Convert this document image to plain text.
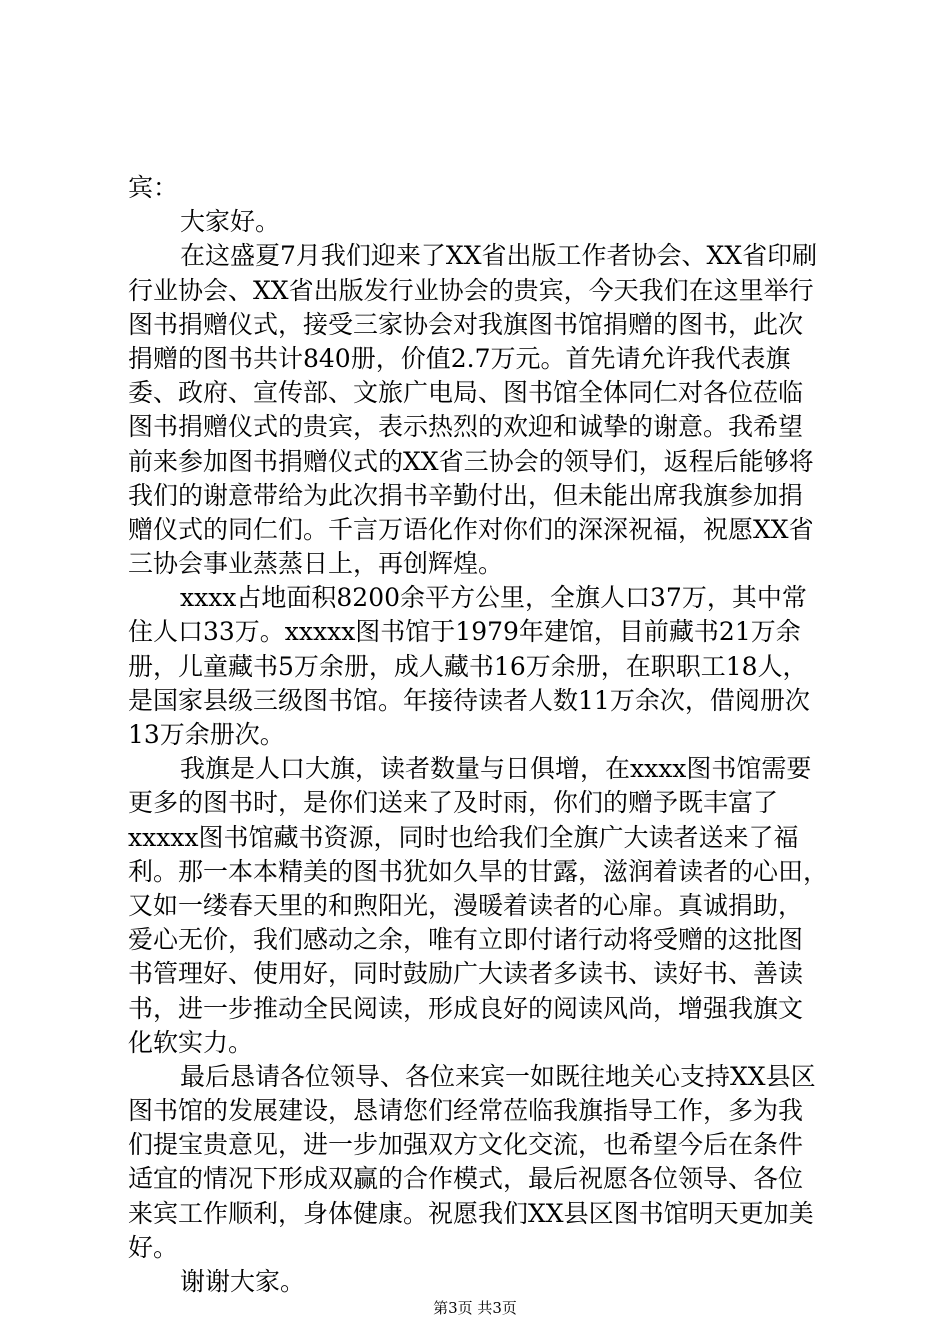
宾：
大家好。
在这盛夏7月我们迎来了XX省出版工作者协会、XX省印刷
行业协会、XX省出版发行业协会的贵宾，今天我们在这里举行
图书捐赠仪式，接受三家协会对我旗图书馆捐赠的图书，此次
捐赠的图书共计840册，价值2.7万元。首先请允许我代表旗
委、政府、宣传部、文旅广电局、图书馆全体同仁对各位莅临
图书捐赠仪式的贵宾，表示热烈的欢迎和诚挚的谢意。我希望
前来参加图书捐赠仪式的XX省三协会的领导们，返程后能够将
我们的谢意带给为此次捐书辛勤付出，但未能出席我旗参加捐
赠仪式的同仁们。千言万语化作对你们的深深祝福，祝愿XX省
三协会事业蒸蒸日上，再创辉煌。
xxxx占地面积8200余平方公里，全旗人口37万，其中常
住人口33万。xxxxx图书馆于1979年建馆，目前藏书21万余
册，儿童藏书5万余册，成人藏书16万余册，在职职工18人，
是国家县级三级图书馆。年接待读者人数11万余次，借阅册次
13万余册次。
我旗是人口大旗，读者数量与日俱增，在xxxx图书馆需要
更多的图书时，是你们送来了及时雨，你们的赠予既丰富了
xxxxx图书馆藏书资源，同时也给我们全旗广大读者送来了福
利。那一本本精美的图书犹如久旱的甘露，滋润着读者的心田，
又如一缕春天里的和煦阳光，漫暖着读者的心扉。真诚捐助，
爱心无价，我们感动之余，唯有立即付诸行动将受赠的这批图
书管理好、使用好，同时鼓励广大读者多读书、读好书、善读
书，进一步推动全民阅读，形成良好的阅读风尚，增强我旗文
化软实力。
最后恳请各位领导、各位来宾一如既往地关心支持XX县区
图书馆的发展建设，恳请您们经常莅临我旗指导工作，多为我
们提宝贵意见，进一步加强双方文化交流，也希望今后在条件
适宜的情况下形成双赢的合作模式，最后祝愿各位领导、各位
来宾工作顺利，身体健康。祝愿我们XX县区图书馆明天更加美
好。
谢谢大家。
第3页 共3页
